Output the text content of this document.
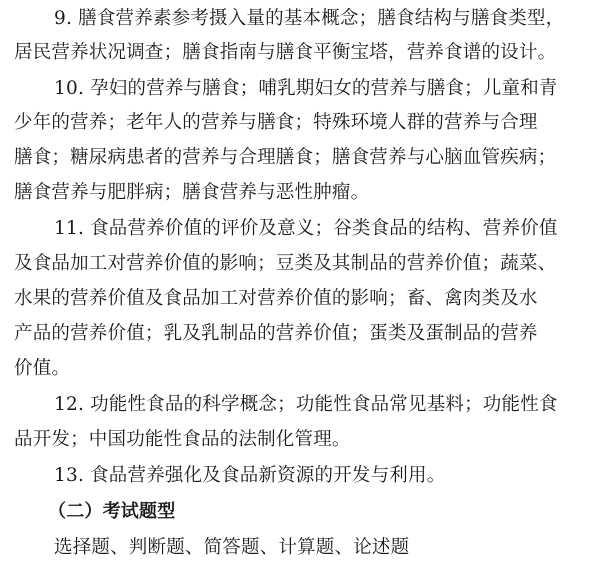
9. 膳食营养素参考摄入量的基本概念；膳食结构与膳食类型，
居民营养状况调查；膳食指南与膳食平衡宝塔，营养食谱的设计。
10. 孕妇的营养与膳食；哺乳期妇女的营养与膳食；儿童和青
少年的营养；老年人的营养与膳食；特殊环境人群的营养与合理
膳食；糖尿病患者的营养与合理膳食；膳食营养与心脑血管疾病；
膳食营养与肥胖病；膳食营养与恶性肿瘤。
11. 食品营养价值的评价及意义；谷类食品的结构、营养价值
及食品加工对营养价值的影响；豆类及其制品的营养价值；蔬菜、
水果的营养价值及食品加工对营养价值的影响；畜、禽肉类及水
产品的营养价值；乳及乳制品的营养价值；蛋类及蛋制品的营养
价值。
12. 功能性食品的科学概念；功能性食品常见基料；功能性食
品开发；中国功能性食品的法制化管理。
13. 食品营养强化及食品新资源的开发与利用。
（二）考试题型
选择题、判断题、简答题、计算题、论述题
